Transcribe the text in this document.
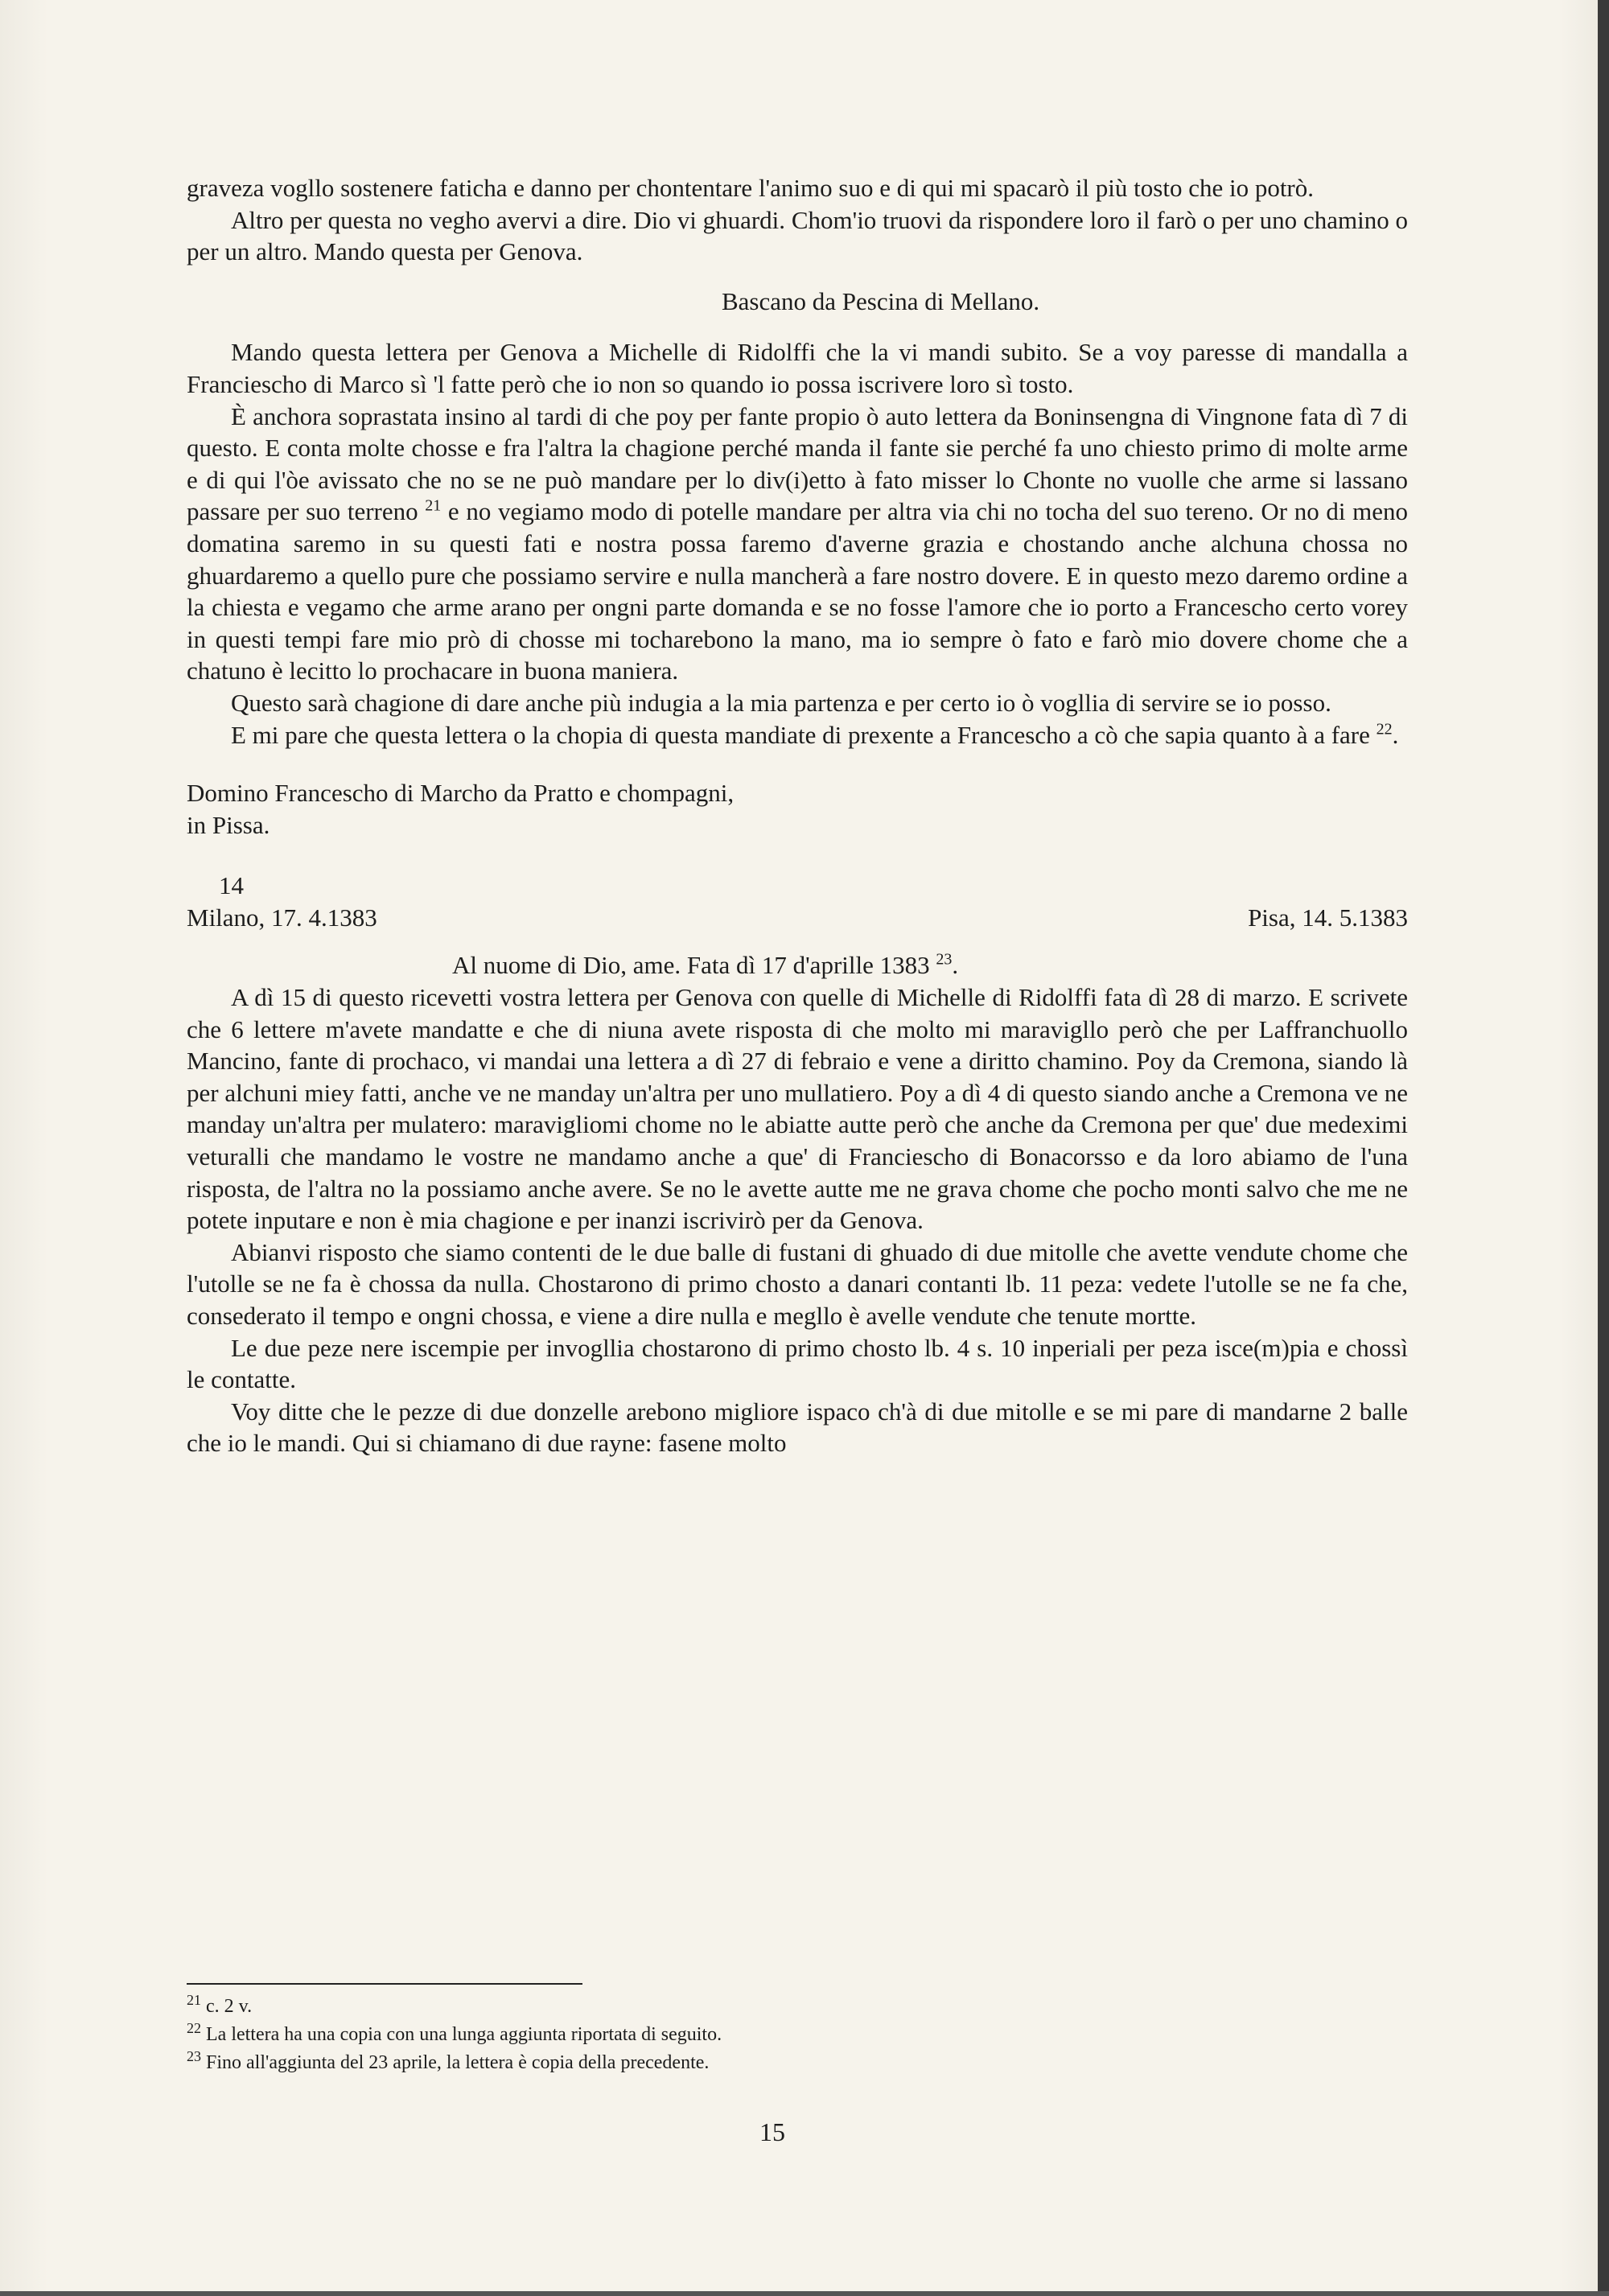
graveza vogllo sostenere faticha e danno per chontentare l'animo suo e di qui mi spacarò il più tosto che io potrò.

Altro per questa no vegho avervi a dire. Dio vi ghuardi. Chom'io truovi da rispondere loro il farò o per uno chamino o per un altro. Mando questa per Genova.

Bascano da Pescina di Mellano.

Mando questa lettera per Genova a Michelle di Ridolffi che la vi mandi subito. Se a voy paresse di mandalla a Franciescho di Marco sì 'l fatte però che io non so quando io possa iscrivere loro sì tosto.

È anchora soprastata insino al tardi di che poy per fante propio ò auto lettera da Boninsengna di Vingnone fata dì 7 di questo. E conta molte chosse e fra l'altra la chagione perché manda il fante sie perché fa uno chiesto primo di molte arme e di qui l'òe avissato che no se ne può mandare per lo div(i)etto à fato misser lo Chonte no vuolle che arme si lassano passare per suo terreno $^{21}$ e no vegiamo modo di potelle mandare per altra via chi no tocha del suo tereno. Or no di meno domatina saremo in su questi fati e nostra possa faremo d'averne grazia e chostando anche alchuna chossa no ghuardaremo a quello pure che possiamo servire e nulla mancherà a fare nostro dovere. E in questo mezo daremo ordine a la chiesta e vegamo che arme arano per ongni parte domanda e se no fosse l'amore che io porto a Francescho certo vorey in questi tempi fare mio prò di chosse mi tocharebono la mano, ma io sempre ò fato e farò mio dovere chome che a chatuno è lecitto lo prochacare in buona maniera.

Questo sarà chagione di dare anche più indugia a la mia partenza e per certo io ò vogllia di servire se io posso.

E mi pare che questa lettera o la chopia di questa mandiate di prexente a Francescho a cò che sapia quanto à a fare $^{22}$.

Domino Francescho di Marcho da Pratto e chompagni,

in Pissa.

14

Milano, 17. 4.1383	Pisa, 14. 5.1383

Al nuome di Dio, ame. Fata dì 17 d'aprille 1383 $^{23}$.

A dì 15 di questo ricevetti vostra lettera per Genova con quelle di Michelle di Ridolffi fata dì 28 di marzo. E scrivete che 6 lettere m'avete mandatte e che di niuna avete risposta di che molto mi maravigllo però che per Laffranchuollo Mancino, fante di prochaco, vi mandai una lettera a dì 27 di febraio e vene a diritto chamino. Poy da Cremona, siando là per alchuni miey fatti, anche ve ne manday un'altra per uno mullatiero. Poy a dì 4 di questo siando anche a Cremona ve ne manday un'altra per mulatero: maravigliomi chome no le abiatte autte però che anche da Cremona per que' due medeximi veturalli che mandamo le vostre ne mandamo anche a que' di Franciescho di Bonacorsso e da loro abiamo de l'una risposta, de l'altra no la possiamo anche avere. Se no le avette autte me ne grava chome che pocho monti salvo che me ne potete inputare e non è mia chagione e per inanzi iscrivirò per da Genova.

Abianvi risposto che siamo contenti de le due balle di fustani di ghuado di due mitolle che avette vendute chome che l'utolle se ne fa è chossa da nulla. Chostarono di primo chosto a danari contanti lb. 11 peza: vedete l'utolle se ne fa che, consederato il tempo e ongni chossa, e viene a dire nulla e megllo è avelle vendute che tenute mortte.

Le due peze nere iscempie per invogllia chostarono di primo chosto lb. 4 s. 10 inperiali per peza isce(m)pia e chossì le contatte.

Voy ditte che le pezze di due donzelle arebono migliore ispaco ch'à di due mitolle e se mi pare di mandarne 2 balle che io le mandi. Qui si chiamano di due rayne: fasene molto

$^{21}$ c. 2 v.
$^{22}$ La lettera ha una copia con una lunga aggiunta riportata di seguito.
$^{23}$ Fino all'aggiunta del 23 aprile, la lettera è copia della precedente.
15
